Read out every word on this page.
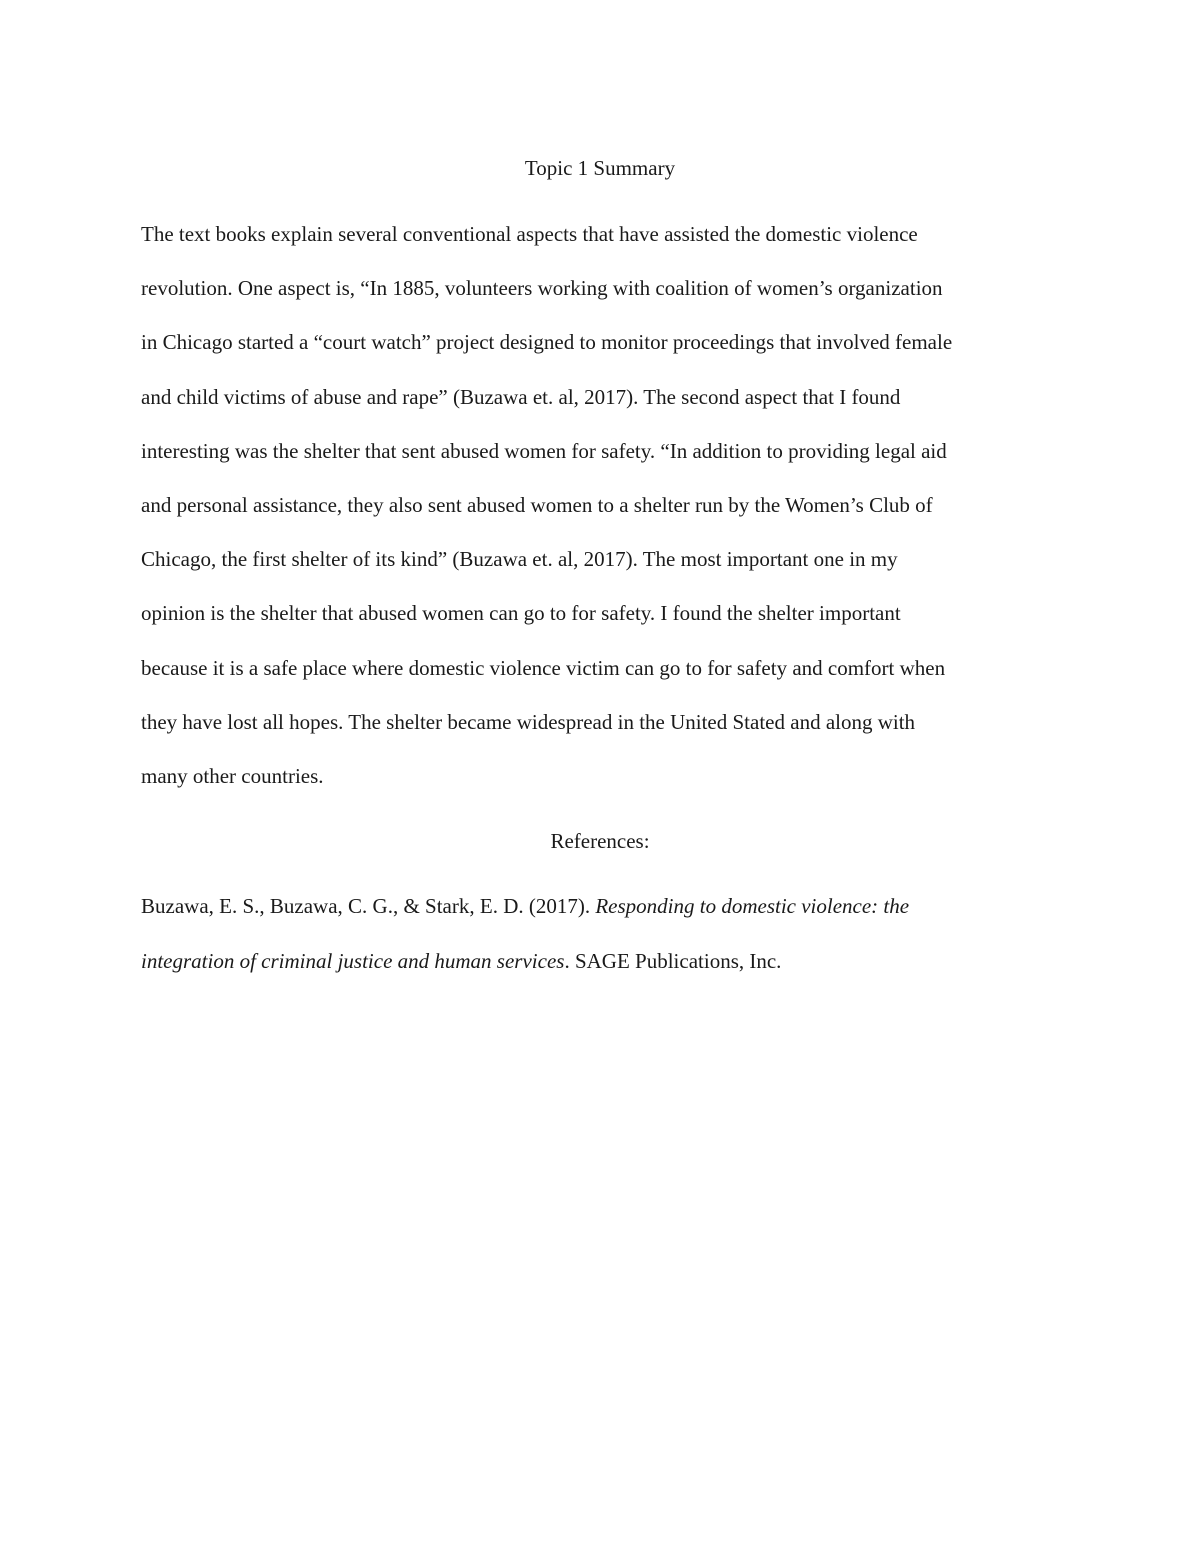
Topic 1 Summary
The text books explain several conventional aspects that have assisted the domestic violence
revolution. One aspect is, “In 1885, volunteers working with coalition of women’s organization
in Chicago started a “court watch” project designed to monitor proceedings that involved female
and child victims of abuse and rape” (Buzawa et. al, 2017). The second aspect that I found
interesting was the shelter that sent abused women for safety. “In addition to providing legal aid
and personal assistance, they also sent abused women to a shelter run by the Women’s Club of
Chicago, the first shelter of its kind” (Buzawa et. al, 2017). The most important one in my
opinion is the shelter that abused women can go to for safety. I found the shelter important
because it is a safe place where domestic violence victim can go to for safety and comfort when
they have lost all hopes. The shelter became widespread in the United Stated and along with
many other countries.
References:
Buzawa, E. S., Buzawa, C. G., & Stark, E. D. (2017). Responding to domestic violence: the
integration of criminal justice and human services. SAGE Publications, Inc.
